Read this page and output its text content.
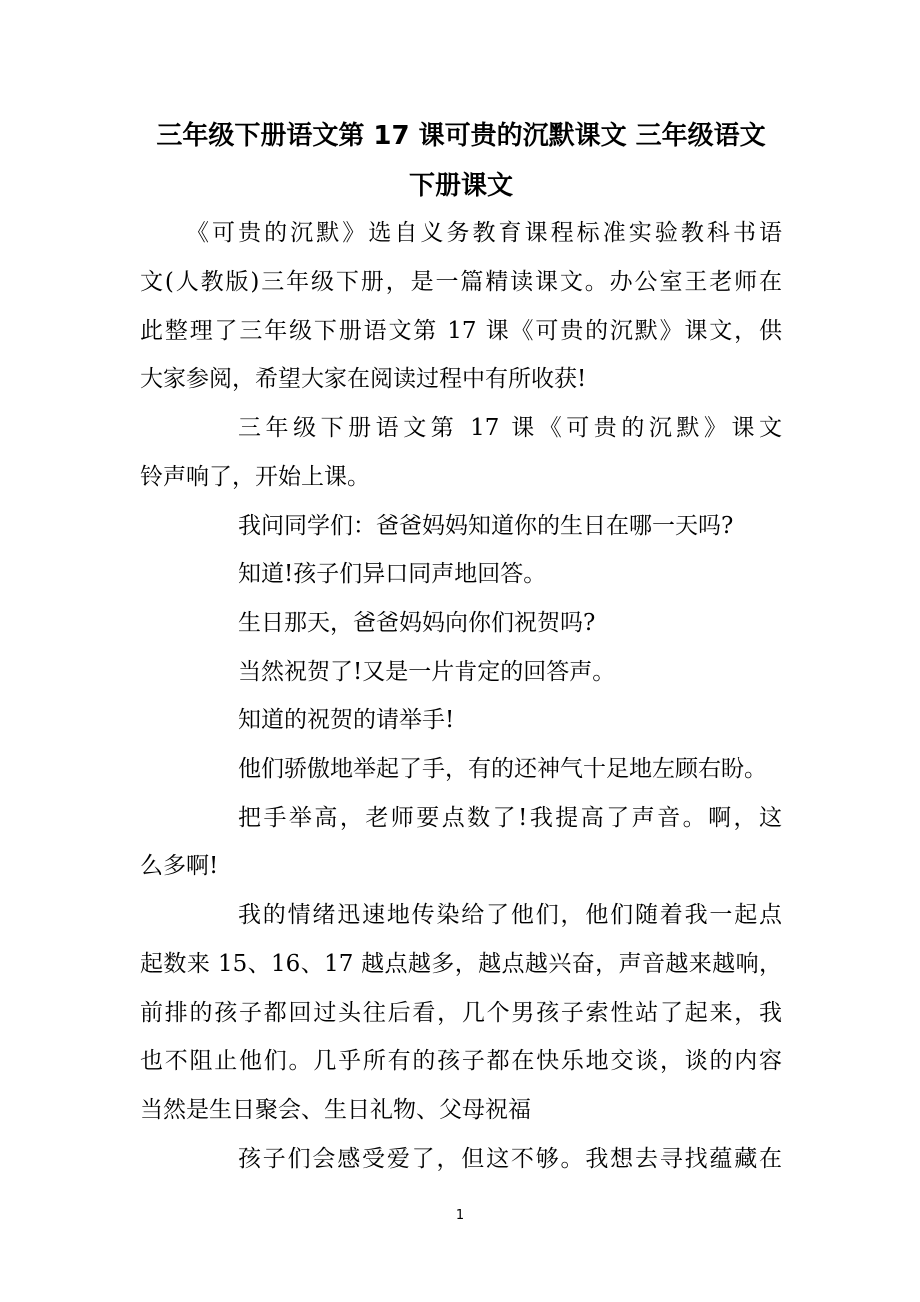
三年级下册语文第 17 课可贵的沉默课文 三年级语文
下册课文
《可贵的沉默》选自义务教育课程标准实验教科书语
文(人教版)三年级下册，是一篇精读课文。办公室王老师在
此整理了三年级下册语文第 17 课《可贵的沉默》课文，供
大家参阅，希望大家在阅读过程中有所收获!
三年级下册语文第 17 课《可贵的沉默》课文
铃声响了，开始上课。
我问同学们：爸爸妈妈知道你的生日在哪一天吗?
知道!孩子们异口同声地回答。
生日那天，爸爸妈妈向你们祝贺吗?
当然祝贺了!又是一片肯定的回答声。
知道的祝贺的请举手!
他们骄傲地举起了手，有的还神气十足地左顾右盼。
把手举高，老师要点数了!我提高了声音。啊，这
么多啊!
我的情绪迅速地传染给了他们，他们随着我一起点
起数来 15、16、17 越点越多，越点越兴奋，声音越来越响，
前排的孩子都回过头往后看，几个男孩子索性站了起来，我
也不阻止他们。几乎所有的孩子都在快乐地交谈，谈的内容
当然是生日聚会、生日礼物、父母祝福
孩子们会感受爱了，但这不够。我想去寻找蕴藏在
1
